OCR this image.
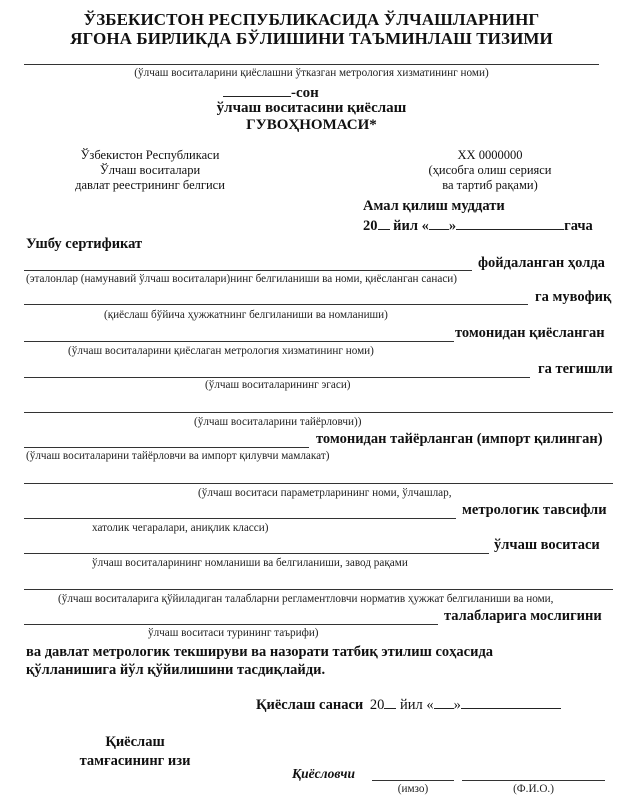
ЎЗБЕКИСТОН РЕСПУБЛИКАСИДА ЎЛЧАШЛАРНИНГ
ЯГОНА БИРЛИКДА БЎЛИШИНИ ТАЪМИНЛАШ ТИЗИМИ
(ўлчаш воситаларини қиёслашни ўтказган метрология хизматининг номи)
-сон
ўлчаш воситасини қиёслаш
ГУВОҲНОМАСИ*
Ўзбекистон Республикаси
Ўлчаш воситалари
давлат реестрининг белгиси
XX 0000000
(ҳисобга олиш серияси
ва тартиб рақами)
Амал қилиш муддати
20 йил « »	гача
Ушбу сертификат
фойдаланган ҳолда
(эталонлар (намунавий ўлчаш воситалари)нинг белгиланиши ва номи, қиёсланган санаси)
га мувофиқ
(қиёслаш бўйича ҳужжатнинг белгиланиши ва номланиши)
томонидан қиёсланган
(ўлчаш воситаларини қиёслаган метрология хизматининг номи)
га тегишли
(ўлчаш воситаларининг эгаси)
(ўлчаш воситаларини тайёрловчи))
томонидан тайёрланган (импорт қилинган)
(ўлчаш воситаларини тайёрловчи ва импорт қилувчи мамлакат)
(ўлчаш воситаси параметрларининг номи, ўлчашлар,
метрологик тавсифли
хатолик чегаралари, аниқлик класси)
ўлчаш воситаси
ўлчаш воситаларининг номланиши ва белгиланиши, завод рақами
(ўлчаш воситаларига қўйиладиган талабларни регламентловчи норматив ҳужжат белгиланиши ва номи,
талабларига мослигини
ўлчаш воситаси турининг таърифи)
ва давлат метрологик текшируви ва назорати татбиқ этилиш соҳасида
қўлланишига йўл қўйилишини тасдиқлайди.
Қиёслаш санаси 20 йил « »
Қиёслаш
тамғасининг изи
Қиёсловчи
(имзо)	(Ф.И.О.)
